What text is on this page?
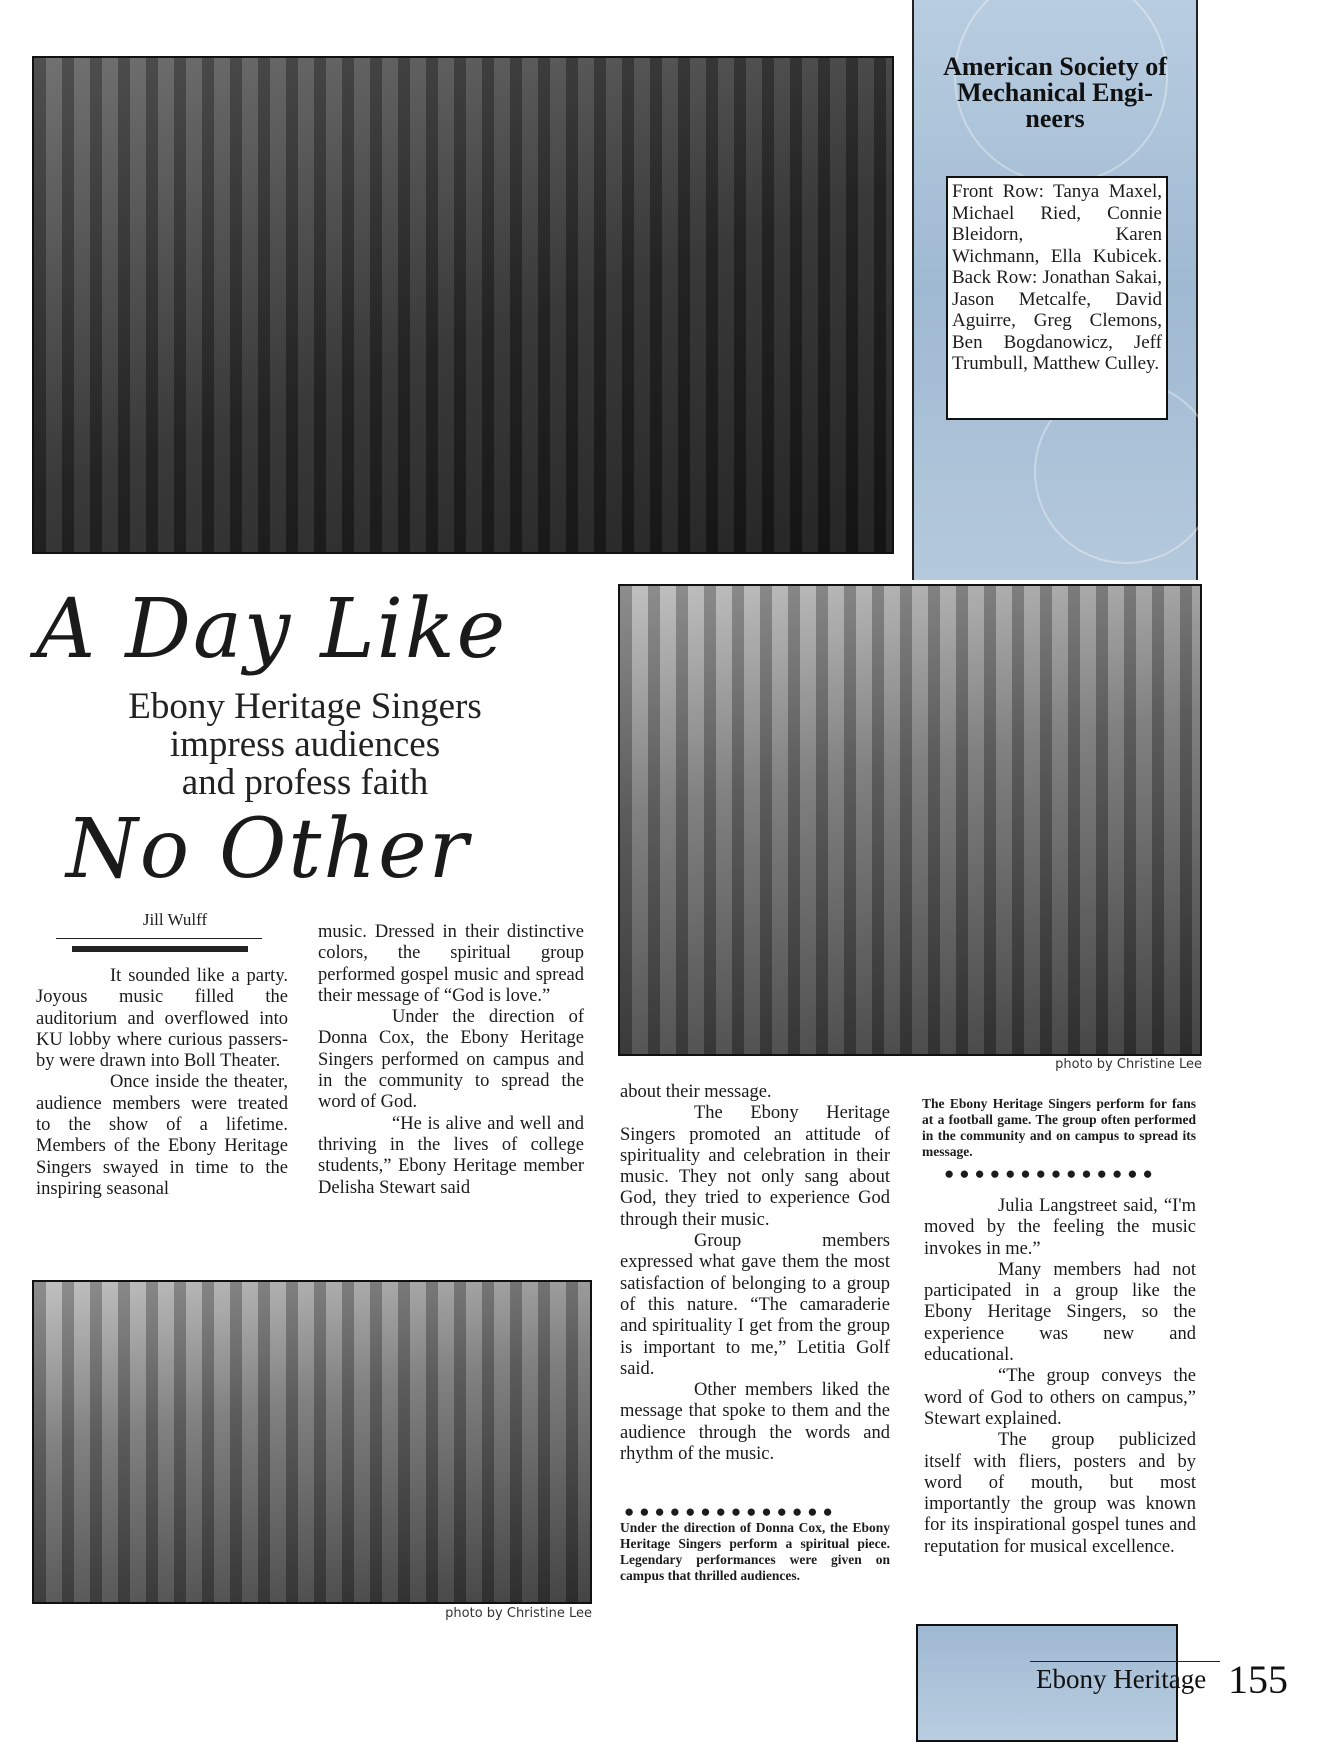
American Society of Mechanical Engi-neers
Front Row: Tanya Maxel, Michael Ried, Connie Bleidorn, Karen Wichmann, Ella Kubicek. Back Row: Jonathan Sakai, Jason Metcalfe, David Aguirre, Greg Clemons, Ben Bogdanowicz, Jeff Trumbull, Matthew Culley.
A Day Like
Ebony Heritage Singers
impress audiences
and profess faith
No Other
Jill Wulff

It sounded like a party. Joyous music filled the auditorium and overflowed into KU lobby where curious passers-by were drawn into Boll Theater.

Once inside the theater, audience members were treated to the show of a lifetime. Members of the Ebony Heritage Singers swayed in time to the inspiring seasonal

music. Dressed in their distinctive colors, the spiritual group performed gospel music and spread their message of “God is love.”

Under the direction of Donna Cox, the Ebony Heritage Singers performed on campus and in the community to spread the word of God.

“He is alive and well and thriving in the lives of college students,” Ebony Heritage member Delisha Stewart said

photo by Christine Lee

about their message.

The Ebony Heritage Singers promoted an attitude of spirituality and celebration in their music. They not only sang about God, they tried to experience God through their music.

Group members expressed what gave them the most satisfaction of belonging to a group of this nature. “The camaraderie and spirituality I get from the group is important to me,” Letitia Golf said.

Other members liked the message that spoke to them and the audience through the words and rhythm of the music.

●●●●●●●●●●●●●●
Under the direction of Donna Cox, the Ebony Heritage Singers perform a spiritual piece. Legendary performances were given on campus that thrilled audiences.
The Ebony Heritage Singers perform for fans at a football game. The group often performed in the community and on campus to spread its message.
●●●●●●●●●●●●●●

Julia Langstreet said, “I'm moved by the feeling the music invokes in me.”

Many members had not participated in a group like the Ebony Heritage Singers, so the experience was new and educational.

“The group conveys the word of God to others on campus,” Stewart explained.

The group publicized itself with fliers, posters and by word of mouth, but most importantly the group was known for its inspirational gospel tunes and reputation for musical excellence.

photo by Christine Lee
Ebony Heritage 155
